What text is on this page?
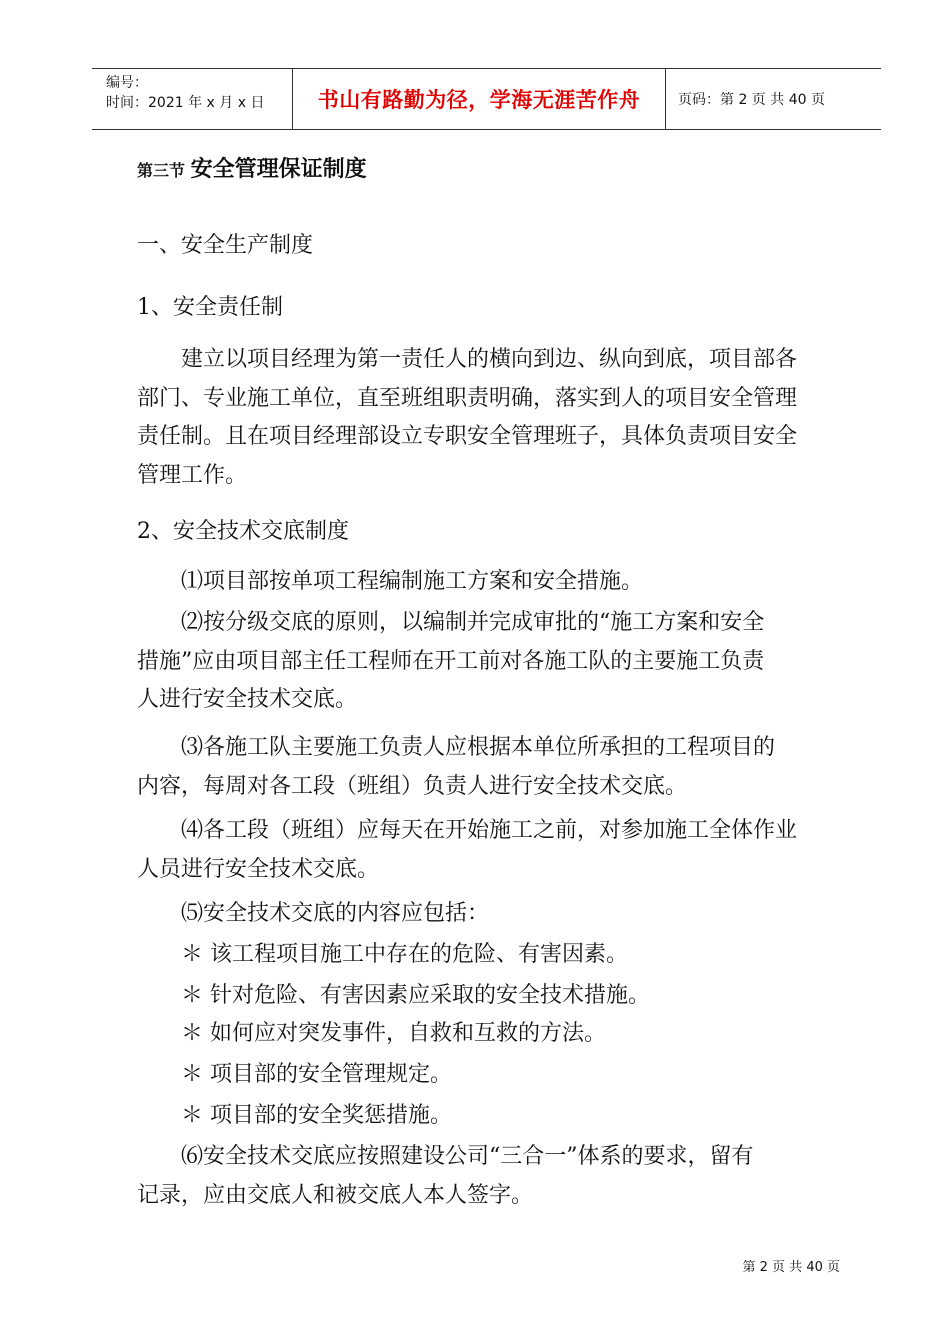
编号：
时间：2021 年 x 月 x 日	书山有路勤为径，学海无涯苦作舟	页码：第 2 页 共 40 页
第三节 安全管理保证制度
一、安全生产制度
1、安全责任制
建立以项目经理为第一责任人的横向到边、纵向到底，项目部各
部门、专业施工单位，直至班组职责明确，落实到人的项目安全管理
责任制。且在项目经理部设立专职安全管理班子，具体负责项目安全
管理工作。
2、安全技术交底制度
⑴项目部按单项工程编制施工方案和安全措施。
⑵按分级交底的原则，以编制并完成审批的“施工方案和安全
措施”应由项目部主任工程师在开工前对各施工队的主要施工负责
人进行安全技术交底。
⑶各施工队主要施工负责人应根据本单位所承担的工程项目的
内容，每周对各工段（班组）负责人进行安全技术交底。
⑷各工段（班组）应每天在开始施工之前，对参加施工全体作业
人员进行安全技术交底。
⑸安全技术交底的内容应包括：
＊ 该工程项目施工中存在的危险、有害因素。
＊ 针对危险、有害因素应采取的安全技术措施。
＊ 如何应对突发事件，自救和互救的方法。
＊ 项目部的安全管理规定。
＊ 项目部的安全奖惩措施。
⑹安全技术交底应按照建设公司“三合一”体系的要求，留有
记录，应由交底人和被交底人本人签字。
第 2 页 共 40 页
